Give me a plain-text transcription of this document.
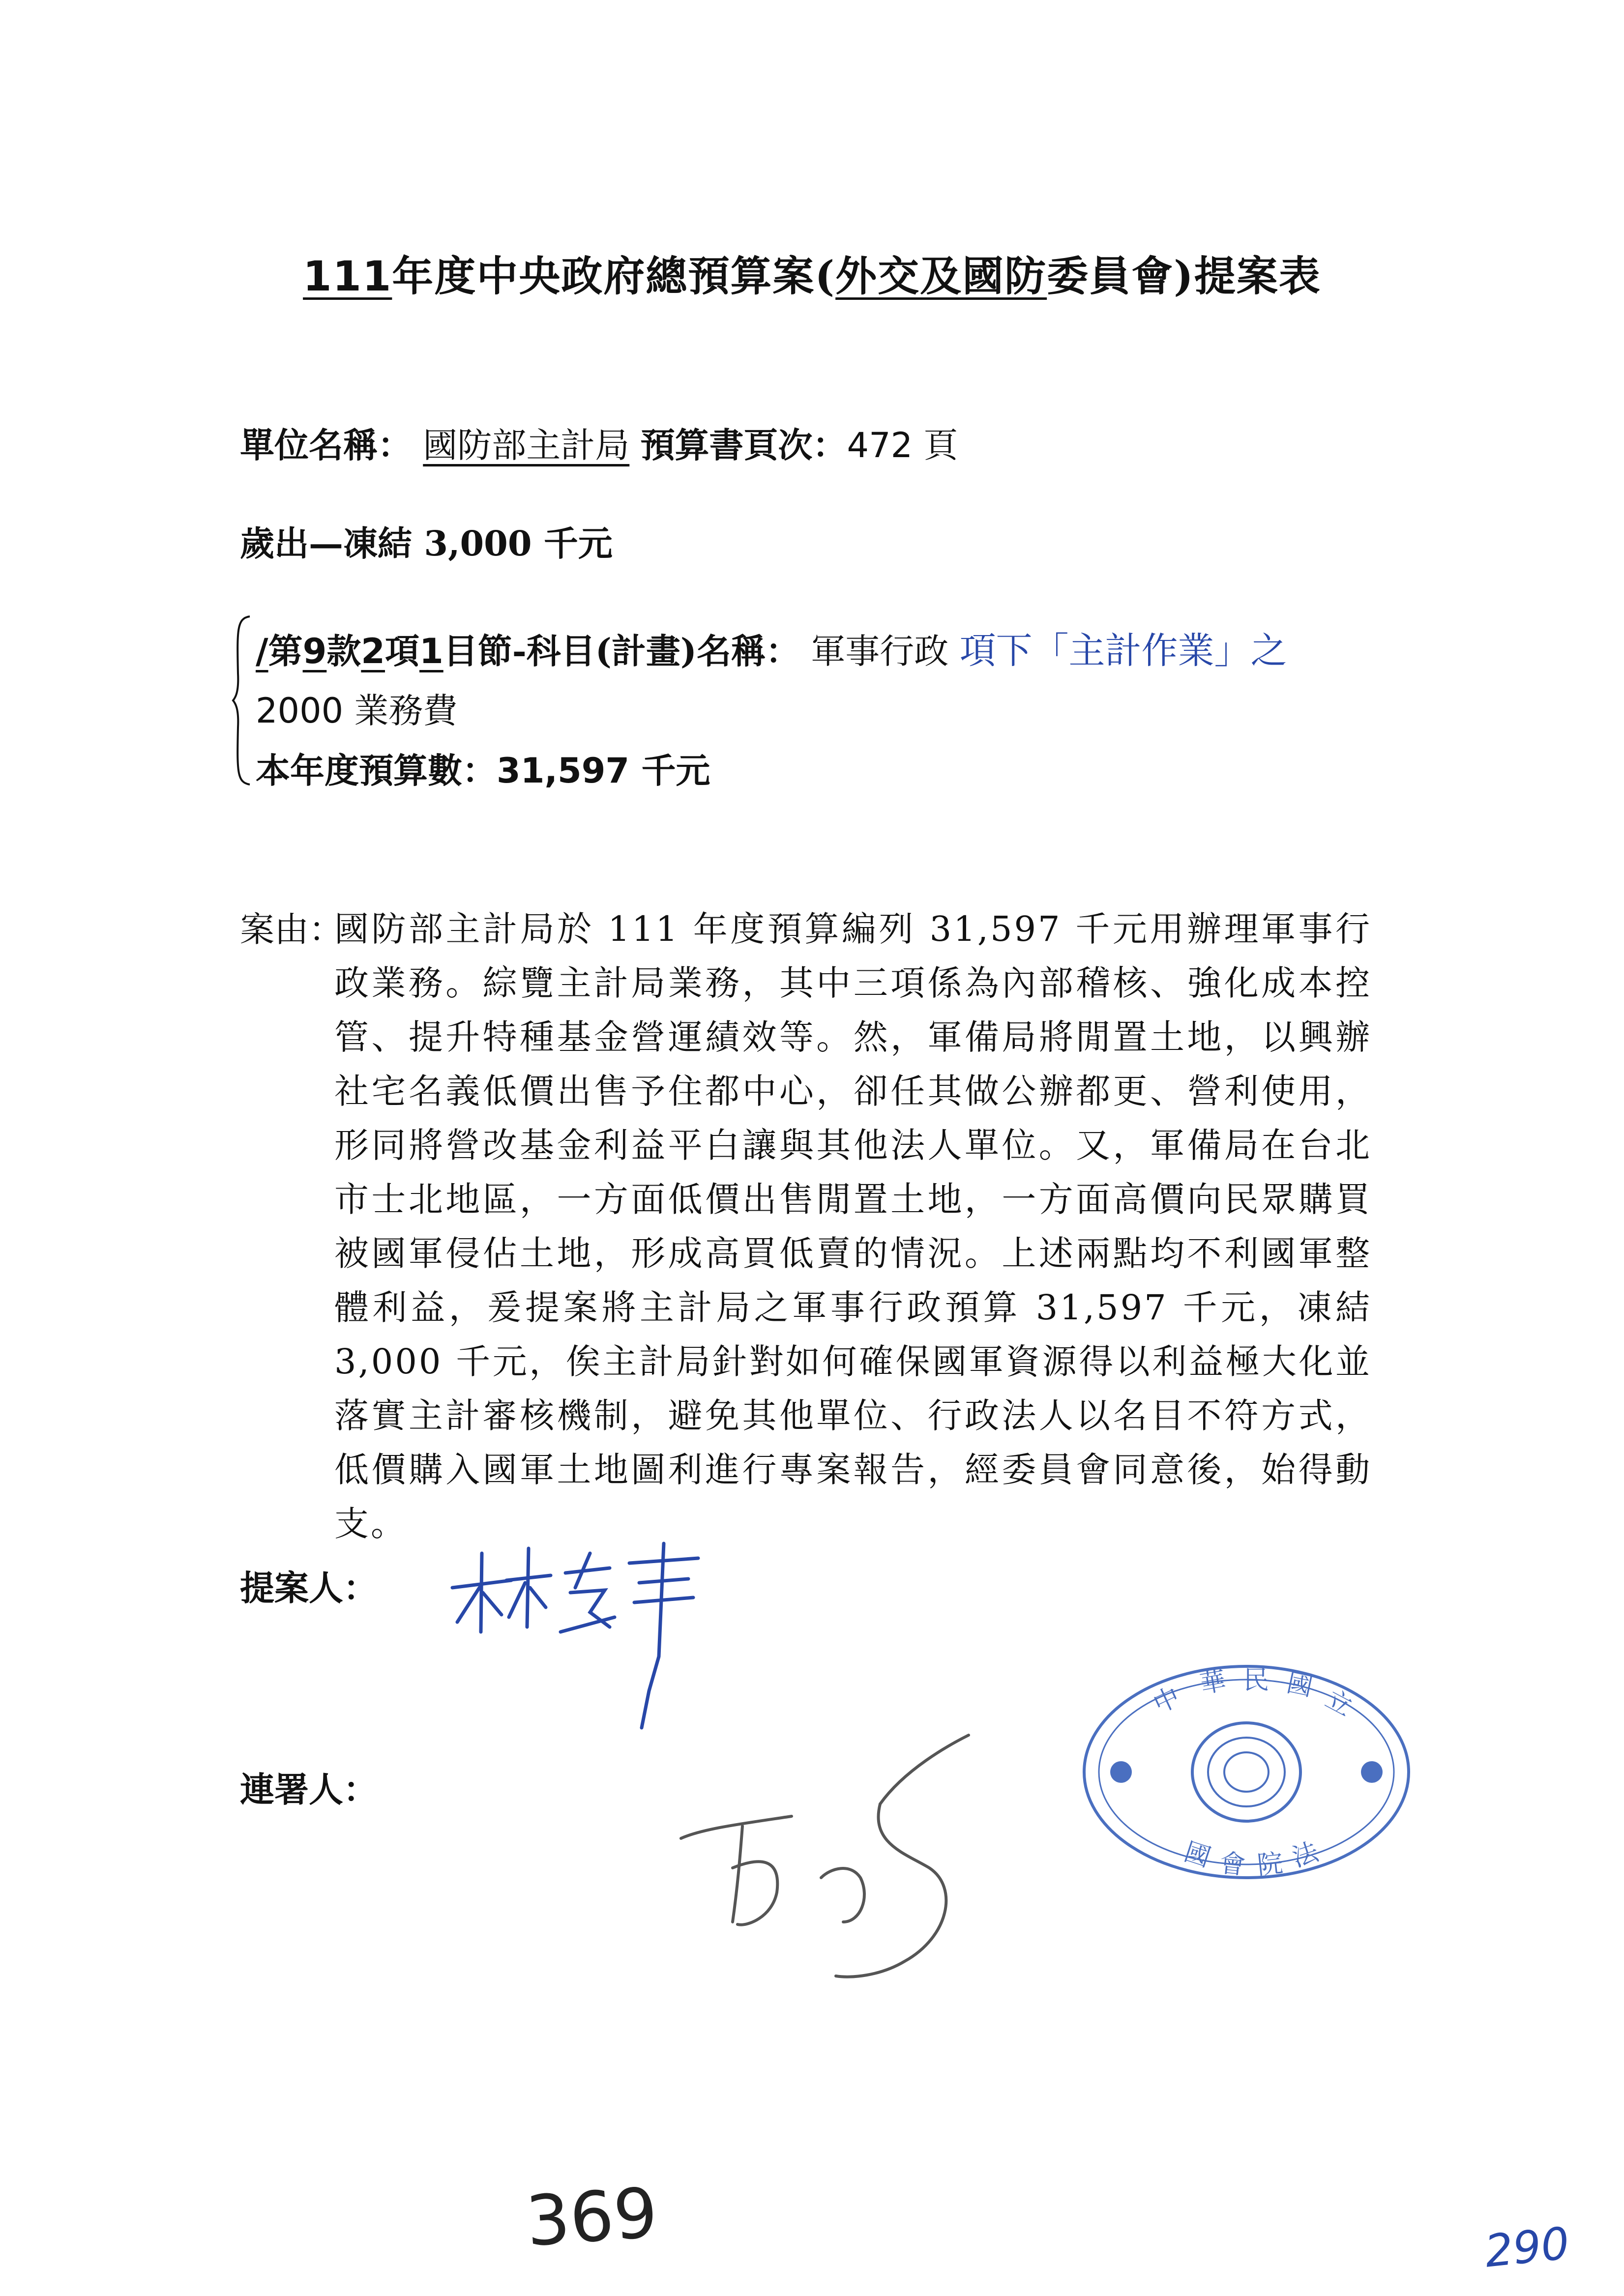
111年度中央政府總預算案(外交及國防委員會)提案表
單位名稱： 國防部主計局 預算書頁次：472 頁
歲出—凍結 3,000 千元
/第9款2項1目節-科目(計畫)名稱： 軍事行政 項下「主計作業」之
2000 業務費
本年度預算數：31,597 千元
案由：
國防部主計局於 111 年度預算編列 31,597 千元用辦理軍事行政業務。綜覽主計局業務，其中三項係為內部稽核、強化成本控管、提升特種基金營運績效等。然，軍備局將閒置土地，以興辦社宅名義低價出售予住都中心，卻任其做公辦都更、營利使用，形同將營改基金利益平白讓與其他法人單位。又，軍備局在台北市士北地區，一方面低價出售閒置土地，一方面高價向民眾購買被國軍侵佔土地，形成高買低賣的情況。上述兩點均不利國軍整體利益，爰提案將主計局之軍事行政預算 31,597 千元，凍結 3,000 千元，俟主計局針對如何確保國軍資源得以利益極大化並落實主計審核機制，避免其他單位、行政法人以名目不符方式，低價購入國軍土地圖利進行專案報告，經委員會同意後，始得動支。
提案人：
連署人：
中 華 民 國 立
國 會 院 法
369	290
